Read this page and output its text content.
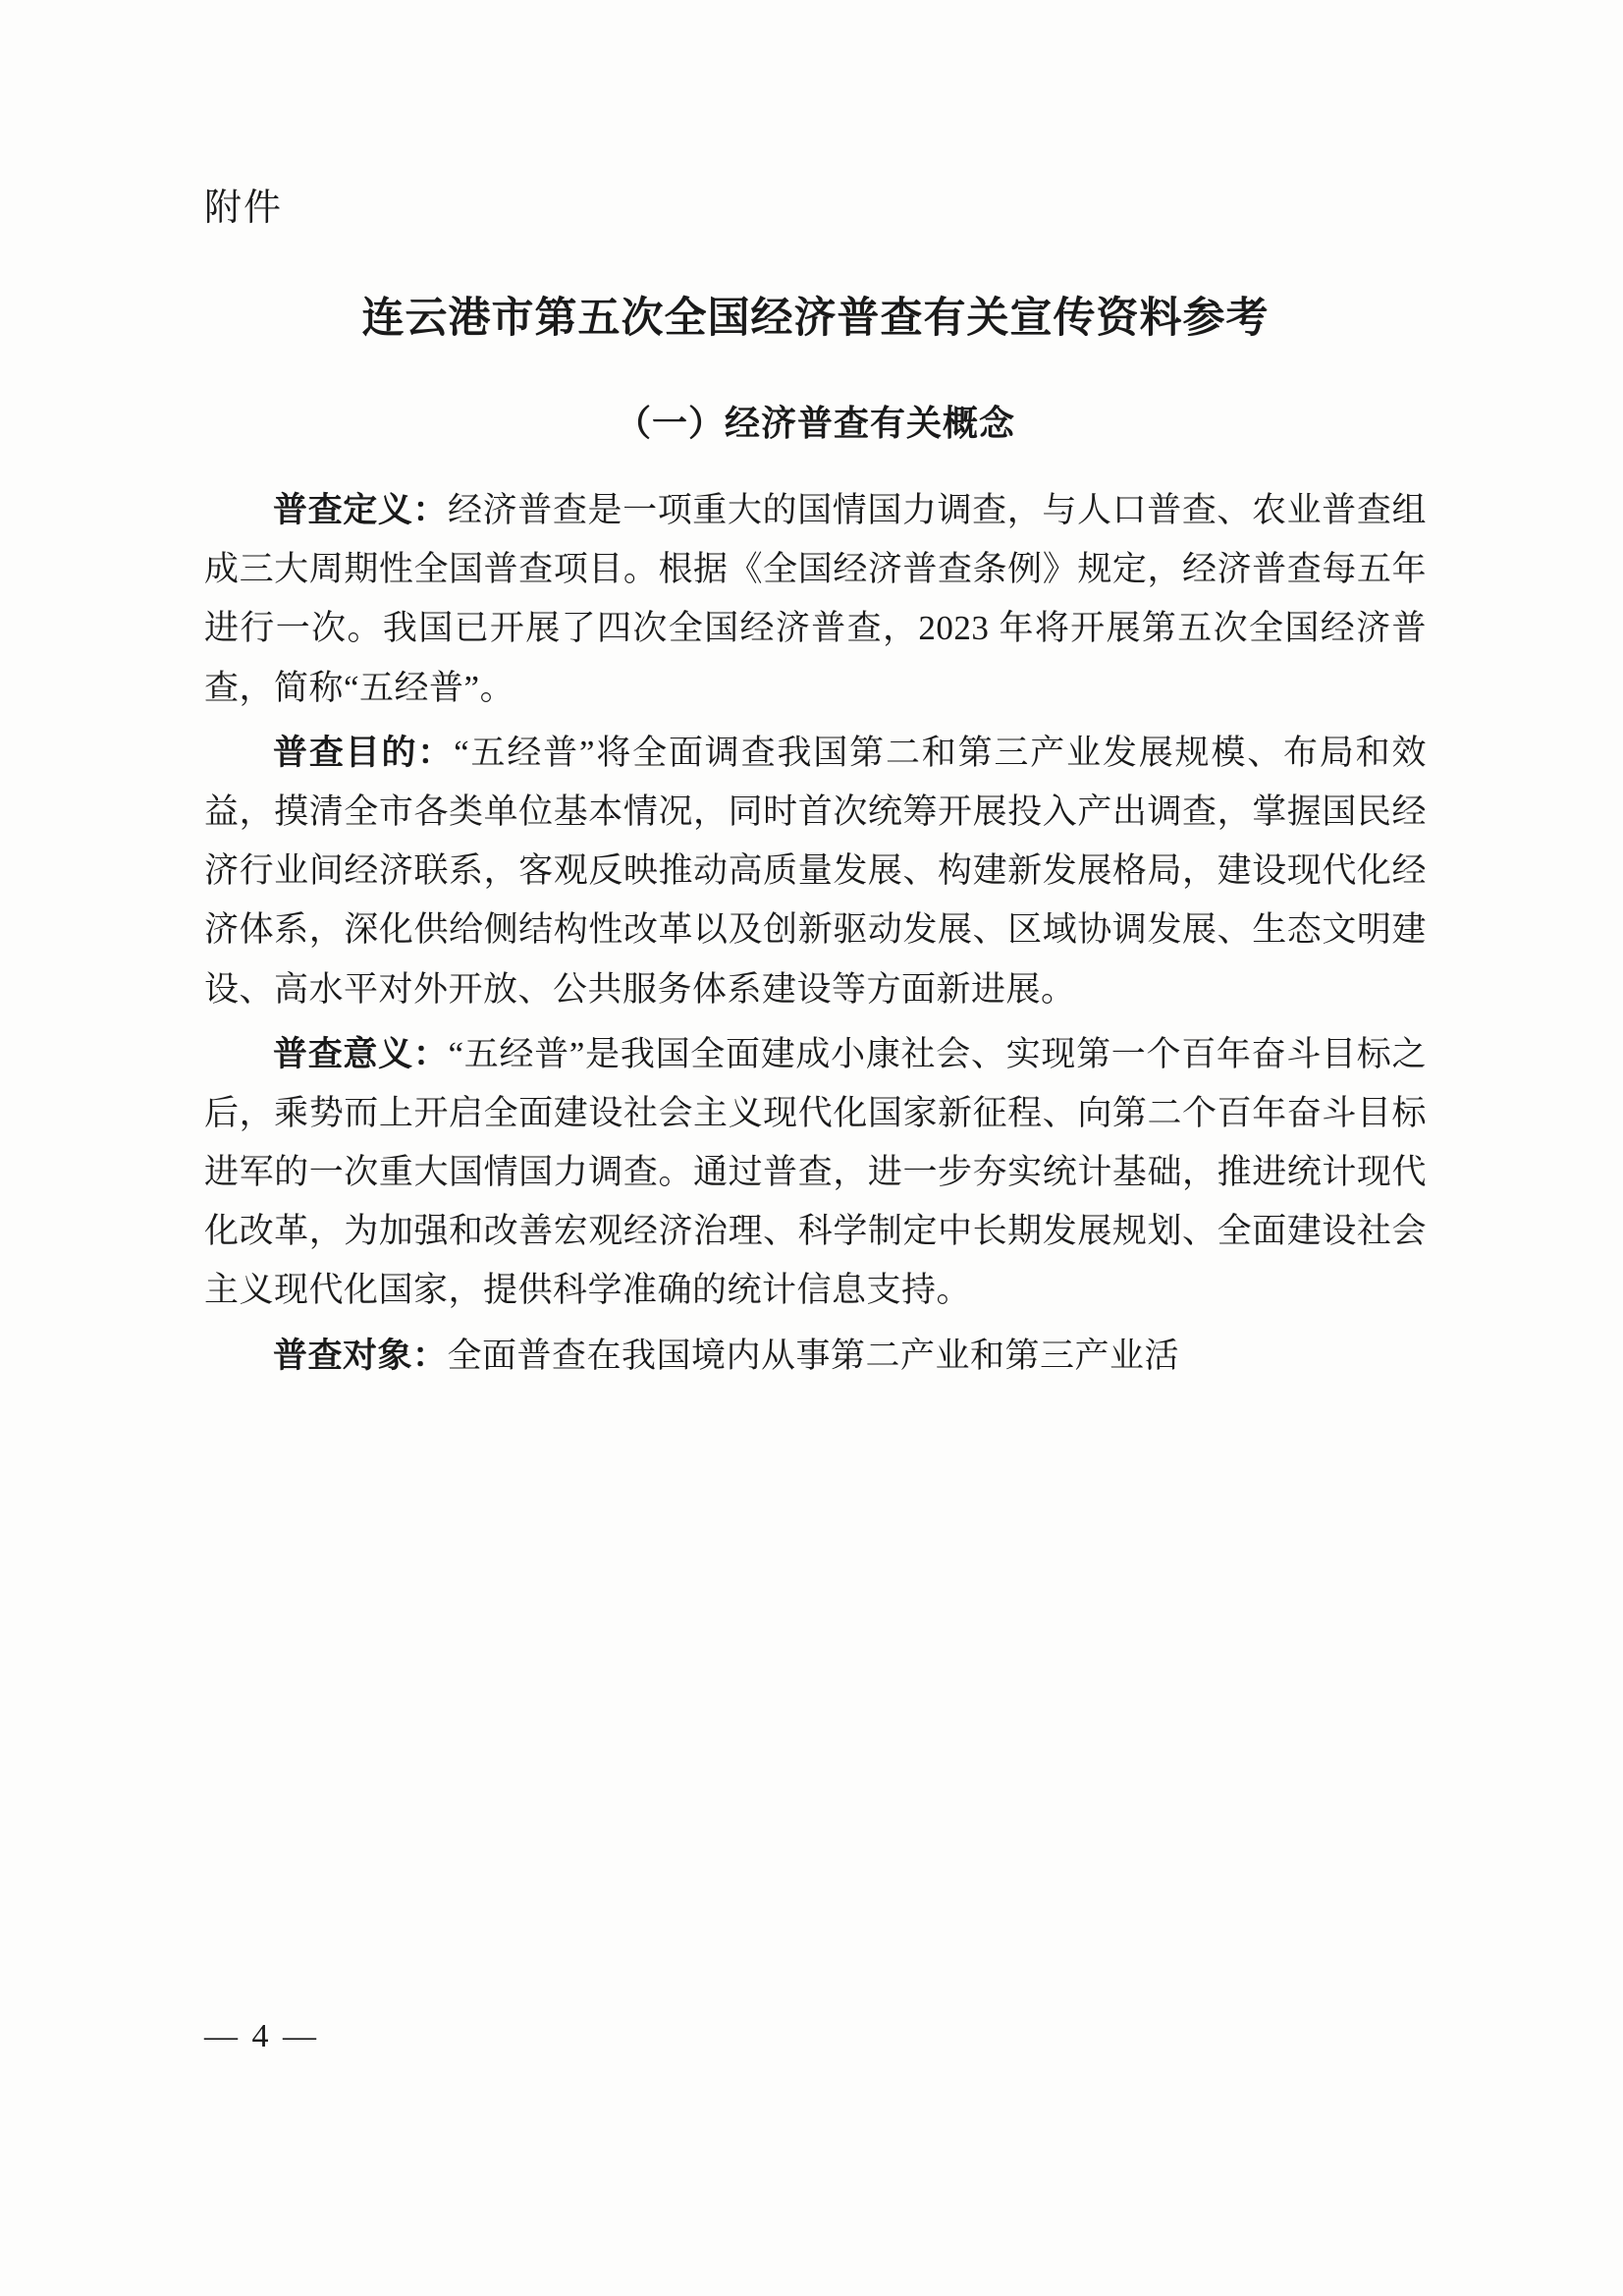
附件
连云港市第五次全国经济普查有关宣传资料参考
（一）经济普查有关概念

普查定义：经济普查是一项重大的国情国力调查，与人口普查、农业普查组成三大周期性全国普查项目。根据《全国经济普查条例》规定，经济普查每五年进行一次。我国已开展了四次全国经济普查，2023 年将开展第五次全国经济普查，简称“五经普”。

普查目的：“五经普”将全面调查我国第二和第三产业发展规模、布局和效益，摸清全市各类单位基本情况，同时首次统筹开展投入产出调查，掌握国民经济行业间经济联系，客观反映推动高质量发展、构建新发展格局，建设现代化经济体系，深化供给侧结构性改革以及创新驱动发展、区域协调发展、生态文明建设、高水平对外开放、公共服务体系建设等方面新进展。

普查意义：“五经普”是我国全面建成小康社会、实现第一个百年奋斗目标之后，乘势而上开启全面建设社会主义现代化国家新征程、向第二个百年奋斗目标进军的一次重大国情国力调查。通过普查，进一步夯实统计基础，推进统计现代化改革，为加强和改善宏观经济治理、科学制定中长期发展规划、全面建设社会主义现代化国家，提供科学准确的统计信息支持。

普查对象：全面普查在我国境内从事第二产业和第三产业活

— 4 —
